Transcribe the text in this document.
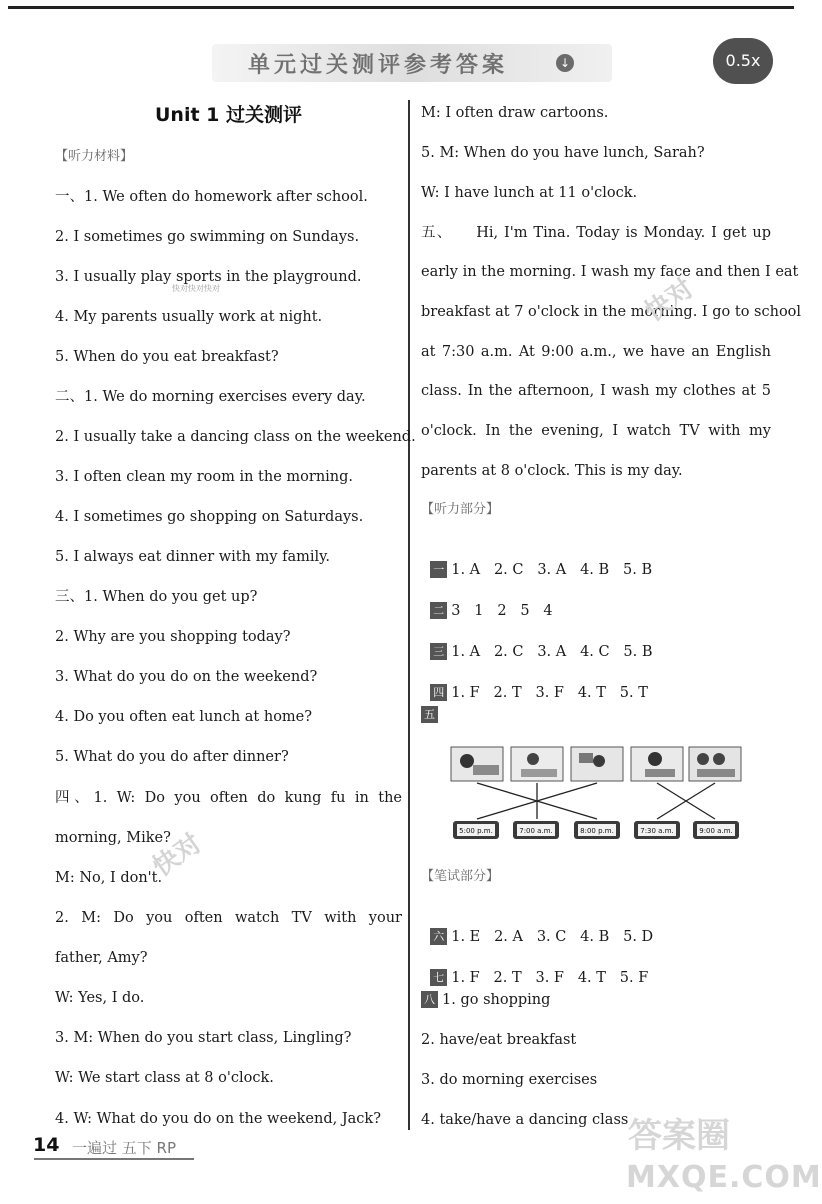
单元过关测评参考答案	↓	0.5x
Unit 1 过关测评
【听力材料】
一、1. We often do homework after school.
2. I sometimes go swimming on Sundays.
3. I usually play sports in the playground.
4. My parents usually work at night.
5. When do you eat breakfast?
二、1. We do morning exercises every day.
2. I usually take a dancing class on the weekend.
3. I often clean my room in the morning.
4. I sometimes go shopping on Saturdays.
5. I always eat dinner with my family.
三、1. When do you get up?
2. Why are you shopping today?
3. What do you do on the weekend?
4. Do you often eat lunch at home?
5. What do you do after dinner?
四、1. W: Do you often do kung fu in the
morning, Mike?
M: No, I don't.
2. M: Do you often watch TV with your
father, Amy?
W: Yes, I do.
3. M: When do you start class, Lingling?
W: We start class at 8 o'clock.
4. W: What do you do on the weekend, Jack?
M: I often draw cartoons.
5. M: When do you have lunch, Sarah?
W: I have lunch at 11 o'clock.
五、    Hi, I'm Tina. Today is Monday. I get up
early in the morning. I wash my face and then I eat
breakfast at 7 o'clock in the morning. I go to school
at 7:30 a.m. At 9:00 a.m., we have an English
class. In the afternoon, I wash my clothes at 5
o'clock. In the evening, I watch TV with my
parents at 8 o'clock. This is my day.
【听力部分】

一 1. A   2. C   3. A   4. B   5. B

二 3   1   2   5   4

三 1. A   2. C   3. A   4. C   5. B

四 1. F   2. T   3. F   4. T   5. T

五
5:00 p.m.	7:00 a.m.	8:00 p.m.	7:30 a.m.	9:00 a.m.
【笔试部分】

六 1. E   2. A   3. C   4. B   5. D

七 1. F   2. T   3. F   4. T   5. F

八 1. go shopping
2. have/eat breakfast
3. do morning exercises
4. take/have a dancing class
快对快对快对	快对
快对
答案圈
MXQE.COM
14 一遍过 五下 RP
